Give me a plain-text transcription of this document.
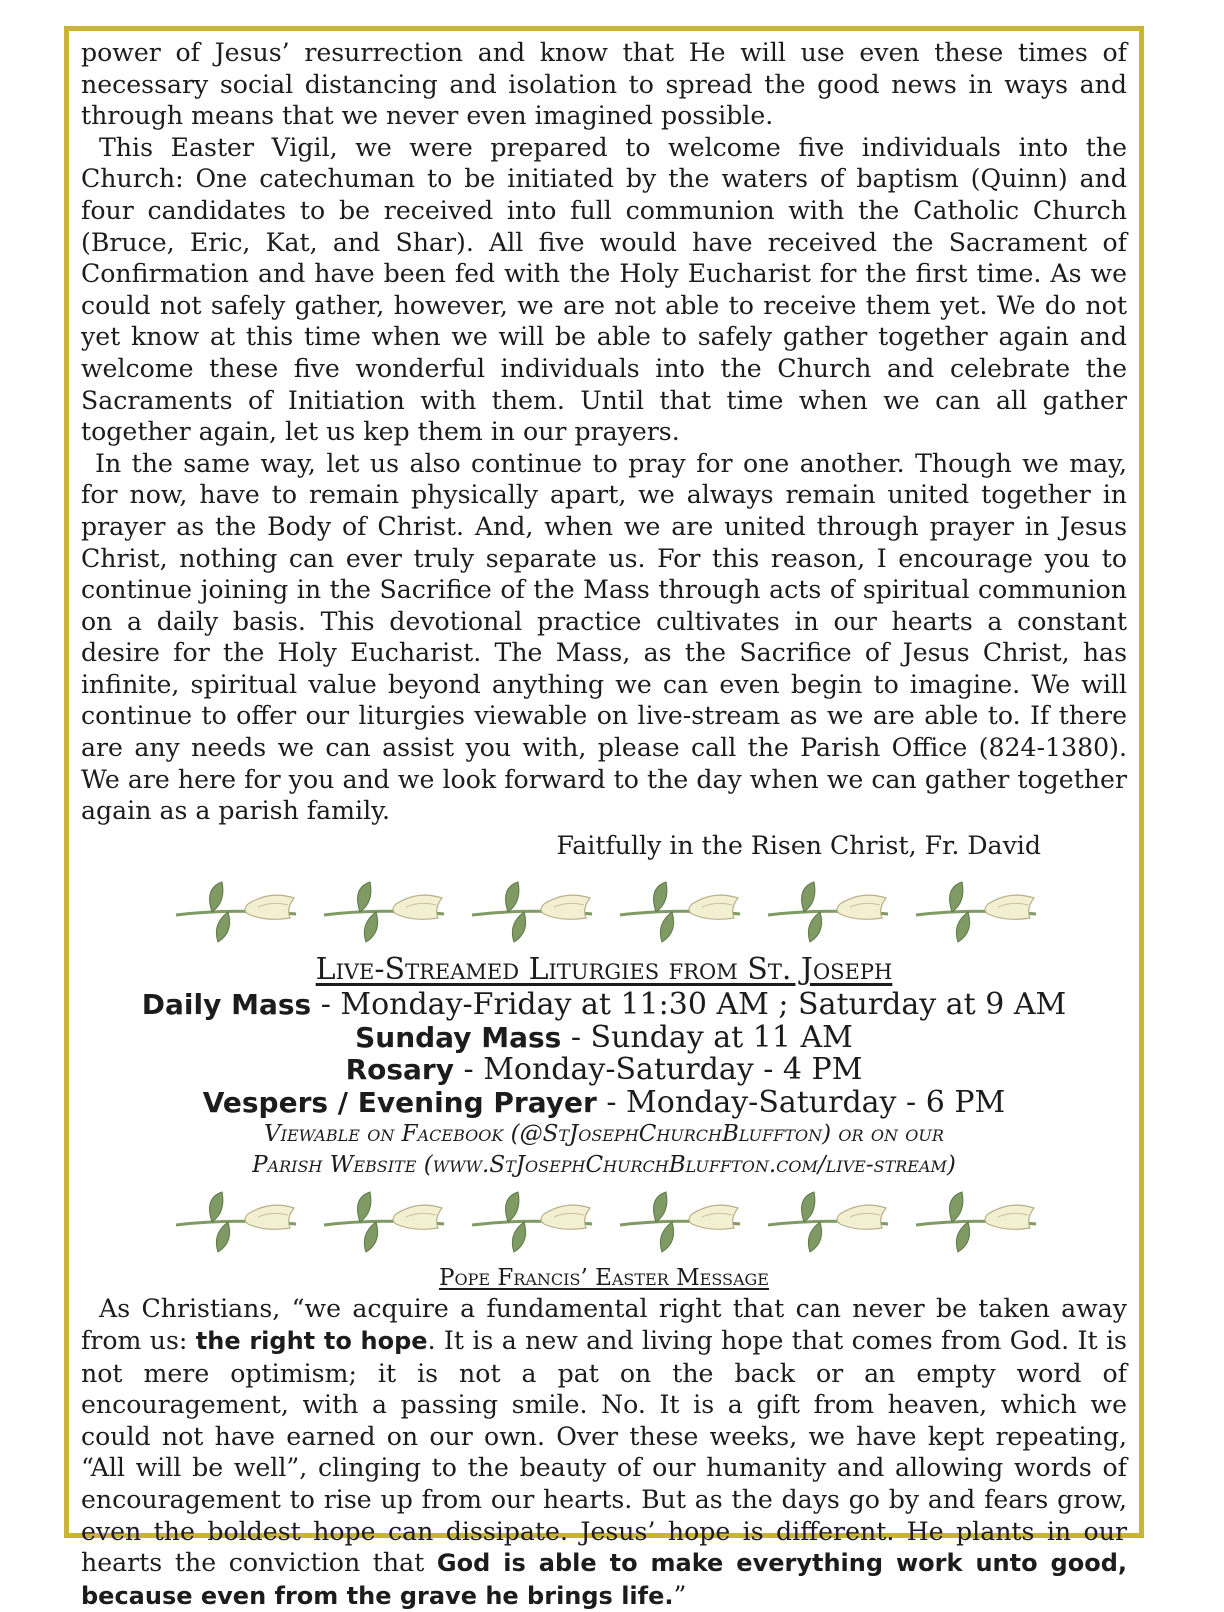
power of Jesus’ resurrection and know that He will use even these times of necessary social distancing and isolation to spread the good news in ways and through means that we never even imagined possible.

This Easter Vigil, we were prepared to welcome five individuals into the Church: One catechuman to be initiated by the waters of baptism (Quinn) and four candidates to be received into full communion with the Catholic Church (Bruce, Eric, Kat, and Shar). All five would have received the Sacrament of Confirmation and have been fed with the Holy Eucharist for the first time. As we could not safely gather, however, we are not able to receive them yet. We do not yet know at this time when we will be able to safely gather together again and welcome these five wonderful individuals into the Church and celebrate the Sacraments of Initiation with them. Until that time when we can all gather together again, let us kep them in our prayers.

In the same way, let us also continue to pray for one another. Though we may, for now, have to remain physically apart, we always remain united together in prayer as the Body of Christ. And, when we are united through prayer in Jesus Christ, nothing can ever truly separate us. For this reason, I encourage you to continue joining in the Sacrifice of the Mass through acts of spiritual communion on a daily basis. This devotional practice cultivates in our hearts a constant desire for the Holy Eucharist. The Mass, as the Sacrifice of Jesus Christ, has infinite, spiritual value beyond anything we can even begin to imagine. We will continue to offer our liturgies viewable on live-stream as we are able to. If there are any needs we can assist you with, please call the Parish Office (824-1380). We are here for you and we look forward to the day when we can gather together again as a parish family.

Faitfully in the Risen Christ, Fr. David
Live-Streamed Liturgies from St. Joseph
Daily Mass - Monday-Friday at 11:30 AM ; Saturday at 9 AM
Sunday Mass - Sunday at 11 AM
Rosary - Monday-Saturday - 4 PM
Vespers / Evening Prayer - Monday-Saturday - 6 PM
Viewable on Facebook (@StJosephChurchBluffton) or on our
Parish Website (www.StJosephChurchBluffton.com/live-stream)
Pope Francis’ Easter Message

As Christians, “we acquire a fundamental right that can never be taken away from us: the right to hope. It is a new and living hope that comes from God. It is not mere optimism; it is not a pat on the back or an empty word of encouragement, with a passing smile. No. It is a gift from heaven, which we could not have earned on our own. Over these weeks, we have kept repeating, “All will be well”, clinging to the beauty of our humanity and allowing words of encouragement to rise up from our hearts. But as the days go by and fears grow, even the boldest hope can dissipate. Jesus’ hope is different. He plants in our hearts the conviction that God is able to make everything work unto good, because even from the grave he brings life.”
